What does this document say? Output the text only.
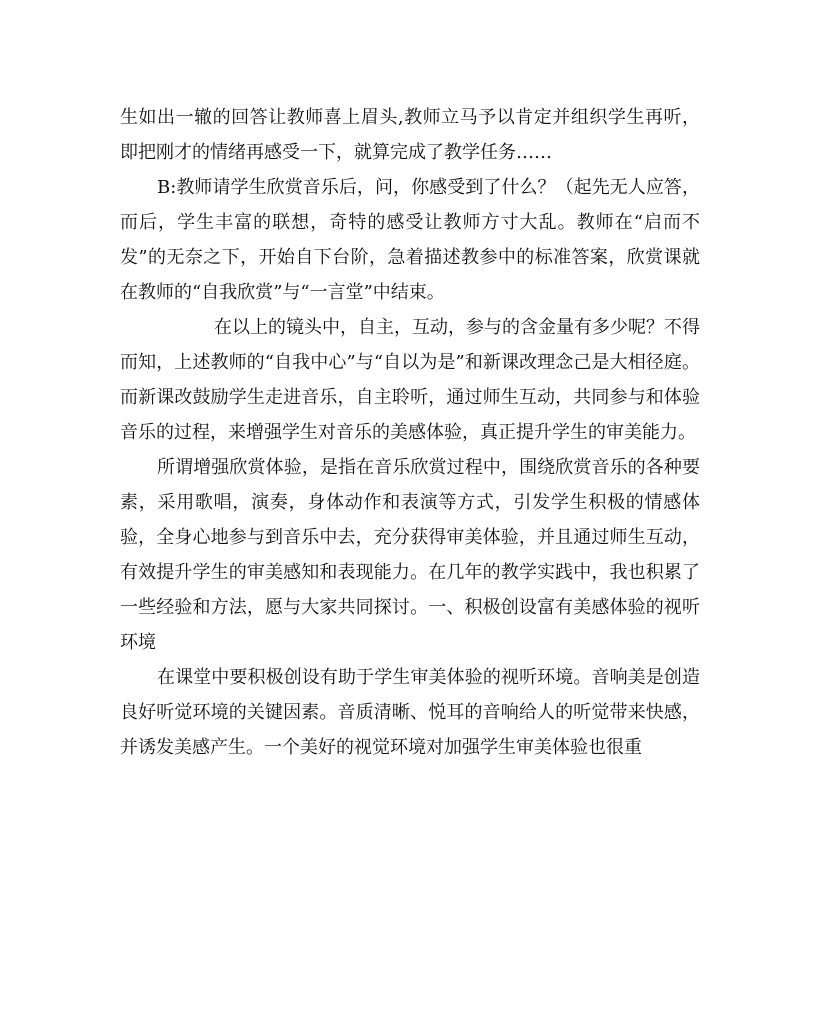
生如出一辙的回答让教师喜上眉头,教师立马予以肯定并组织学生再听，即把刚才的情绪再感受一下，就算完成了教学任务……

B:教师请学生欣赏音乐后，问，你感受到了什么？（起先无人应答，而后，学生丰富的联想，奇特的感受让教师方寸大乱。教师在“启而不发”的无奈之下，开始自下台阶，急着描述教参中的标准答案，欣赏课就在教师的“自我欣赏”与“一言堂”中结束。

在以上的镜头中，自主，互动，参与的含金量有多少呢？不得而知，上述教师的“自我中心”与“自以为是”和新课改理念己是大相径庭。而新课改鼓励学生走进音乐，自主聆听，通过师生互动，共同参与和体验音乐的过程，来增强学生对音乐的美感体验，真正提升学生的审美能力。

所谓增强欣赏体验，是指在音乐欣赏过程中，围绕欣赏音乐的各种要素，采用歌唱，演奏，身体动作和表演等方式，引发学生积极的情感体验，全身心地参与到音乐中去，充分获得审美体验，并且通过师生互动，有效提升学生的审美感知和表现能力。在几年的教学实践中，我也积累了一些经验和方法，愿与大家共同探讨。一、积极创设富有美感体验的视听环境

在课堂中要积极创设有助于学生审美体验的视听环境。音响美是创造良好听觉环境的关键因素。音质清晰、悦耳的音响给人的听觉带来快感，并诱发美感产生。一个美好的视觉环境对加强学生审美体验也很重
